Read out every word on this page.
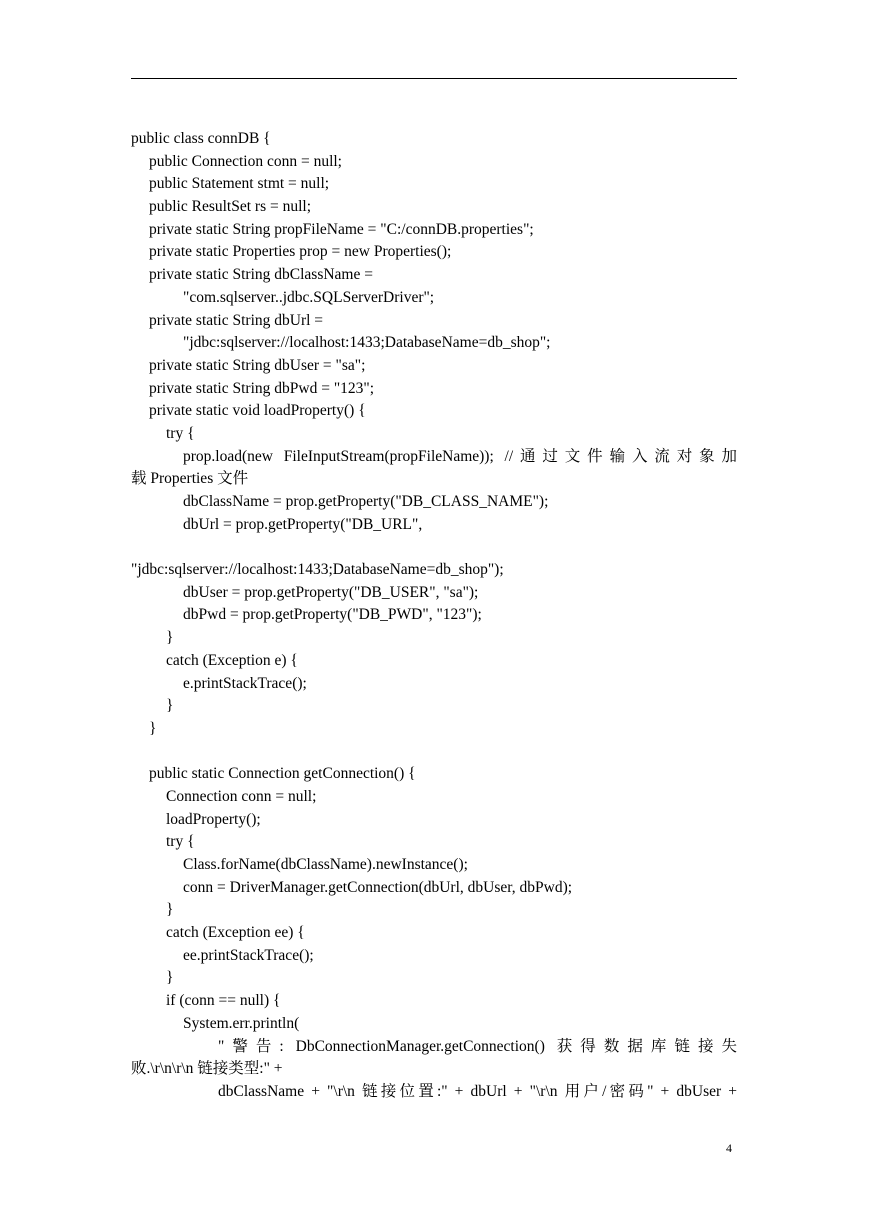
public class connDB {
public Connection conn = null;
public Statement stmt = null;
public ResultSet rs = null;
private static String propFileName = "C:/connDB.properties";
private static Properties prop = new Properties();
private static String dbClassName =
"com.sqlserver..jdbc.SQLServerDriver";
private static String dbUrl =
"jdbc:sqlserver://localhost:1433;DatabaseName=db_shop";
private static String dbUser = "sa";
private static String dbPwd = "123";
private static void loadProperty() {
try {
prop.load(new FileInputStream(propFileName)); //通过文件输入流对象加
载 Properties 文件
dbClassName = prop.getProperty("DB_CLASS_NAME");
dbUrl = prop.getProperty("DB_URL",
"jdbc:sqlserver://localhost:1433;DatabaseName=db_shop");
dbUser = prop.getProperty("DB_USER", "sa");
dbPwd = prop.getProperty("DB_PWD", "123");
}
catch (Exception e) {
e.printStackTrace();
}
}
public static Connection getConnection() {
Connection conn = null;
loadProperty();
try {
Class.forName(dbClassName).newInstance();
conn = DriverManager.getConnection(dbUrl, dbUser, dbPwd);
}
catch (Exception ee) {
ee.printStackTrace();
}
if (conn == null) {
System.err.println(
"警告: DbConnectionManager.getConnection() 获得数据库链接失
败.\r\n\r\n 链接类型:" +
dbClassName + "\r\n 链接位置:" + dbUrl + "\r\n 用户/密码" + dbUser +
4
